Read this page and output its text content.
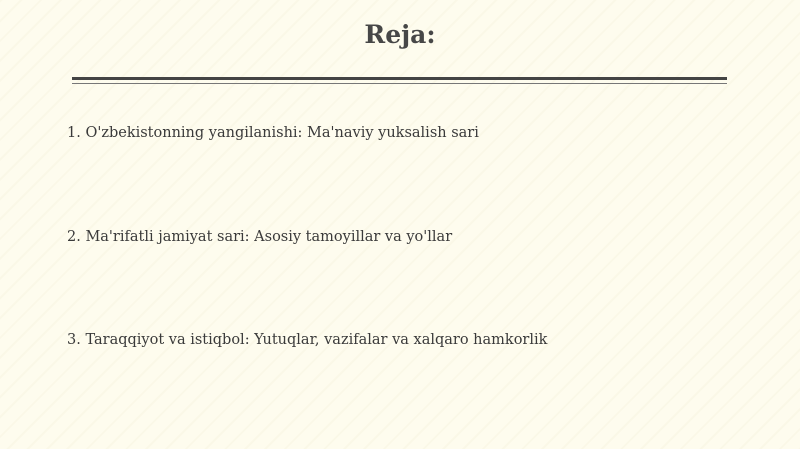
Reja:

1. O'zbekistonning yangilanishi: Ma'naviy yuksalish sari

2. Ma'rifatli jamiyat sari: Asosiy tamoyillar va yo'llar

3. Taraqqiyot va istiqbol: Yutuqlar, vazifalar va xalqaro hamkorlik
